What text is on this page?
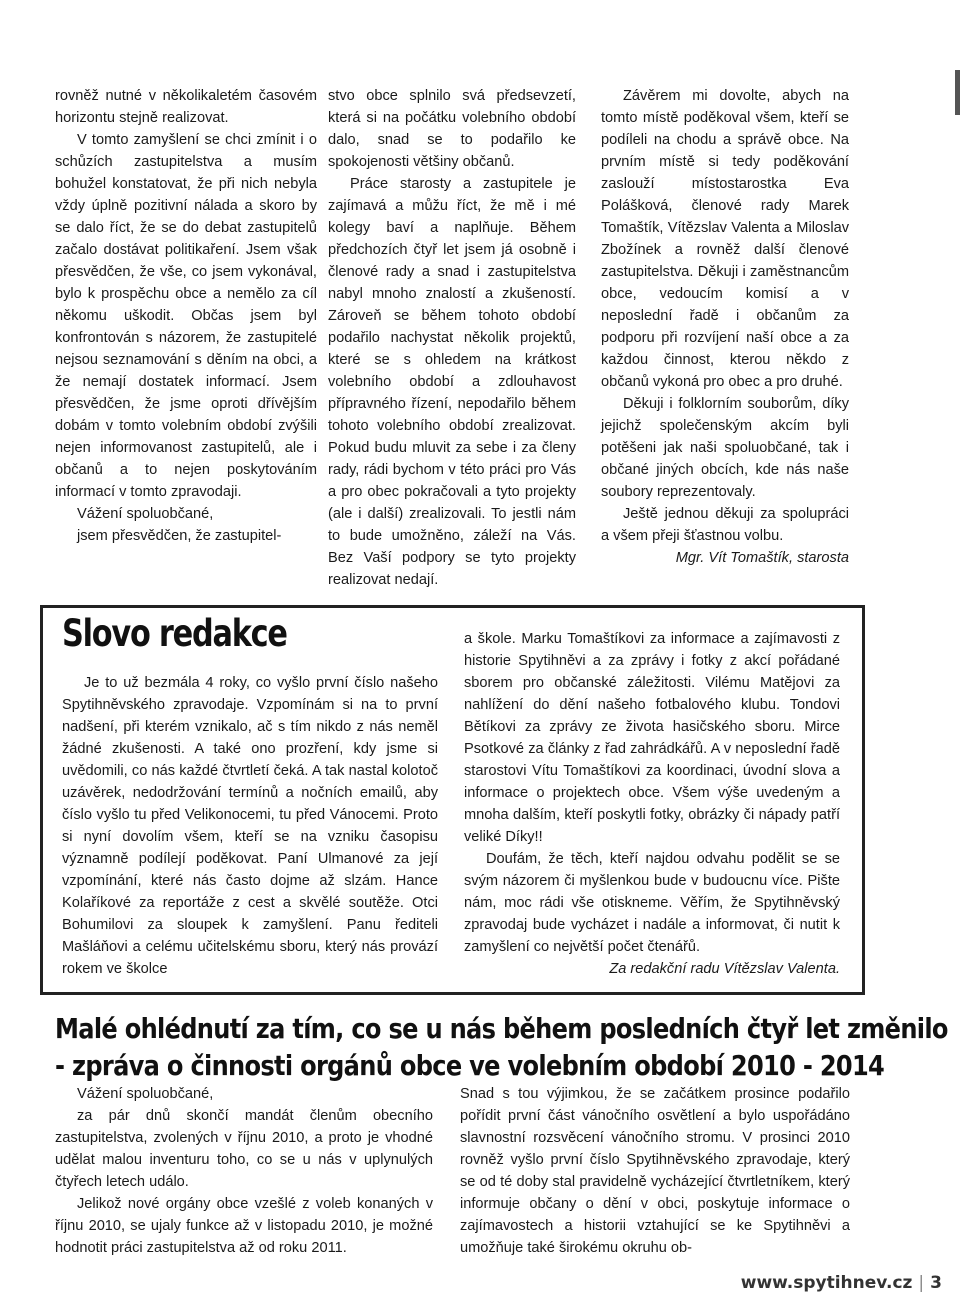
rovněž nutné v několikaletém časovém horizontu stejně realizovat.

V tomto zamyšlení se chci zmínit i o schůzích zastupitelstva a musím bohužel konstatovat, že při nich nebyla vždy úplně pozitivní nálada a skoro by se dalo říct, že se do debat zastupitelů začalo dostávat politikaření. Jsem však přesvědčen, že vše, co jsem vykonával, bylo k prospěchu obce a nemělo za cíl někomu uškodit. Občas jsem byl konfrontován s názorem, že zastupitelé nejsou seznamování s děním na obci, a že nemají dostatek informací. Jsem přesvědčen, že jsme oproti dřívějším dobám v tomto volebním období zvýšili nejen informovanost zastupitelů, ale i občanů a to nejen poskytováním informací v tomto zpravodaji.

Vážení spoluobčané,

jsem přesvědčen, že zastupitel-

stvo obce splnilo svá předsevzetí, která si na počátku volebního období dalo, snad se to podařilo ke spokojenosti většiny občanů.

Práce starosty a zastupitele je zajímavá a můžu říct, že mě i mé kolegy baví a naplňuje. Během předchozích čtyř let jsem já osobně i členové rady a snad i zastupitelstva nabyl mnoho znalostí a zkušeností. Zároveň se během tohoto období podařilo nachystat několik projektů, které se s ohledem na krátkost volebního období a zdlouhavost přípravného řízení, nepodařilo během tohoto volebního období zrealizovat. Pokud budu mluvit za sebe i za členy rady, rádi bychom v této práci pro Vás a pro obec pokračovali a tyto projekty (ale i další) zrealizovali. To jestli nám to bude umožněno, záleží na Vás. Bez Vaší podpory se tyto projekty realizovat nedají.

Závěrem mi dovolte, abych na tomto místě poděkoval všem, kteří se podíleli na chodu a správě obce. Na prvním místě si tedy poděkování zaslouží místostarostka Eva Polášková, členové rady Marek Tomaštík, Vítězslav Valenta a Miloslav Zbožínek a rovněž další členové zastupitelstva. Děkuji i zaměstnancům obce, vedoucím komisí a v neposlední řadě i občanům za podporu při rozvíjení naší obce a za každou činnost, kterou někdo z občanů vykoná pro obec a pro druhé.

Děkuji i folklorním souborům, díky jejichž společenským akcím byli potěšeni jak naši spoluobčané, tak i občané jiných obcích, kde nás naše soubory reprezentovaly.

Ještě jednou děkuji za spolupráci a všem přeji šťastnou volbu.

Mgr. Vít Tomaštík, starosta

Slovo redakce

Je to už bezmála 4 roky, co vyšlo první číslo našeho Spytihněvského zpravodaje. Vzpomínám si na to první nadšení, při kterém vznikalo, ač s tím nikdo z nás neměl žádné zkušenosti. A také ono prozření, kdy jsme si uvědomili, co nás každé čtvrtletí čeká. A tak nastal kolotoč uzávěrek, nedodržování termínů a nočních emailů, aby číslo vyšlo tu před Velikonocemi, tu před Vánocemi. Proto si nyní dovolím všem, kteří se na vzniku časopisu významně podílejí poděkovat. Paní Ulmanové za její vzpomínání, které nás často dojme až slzám. Hance Kolaříkové za reportáže z cest a skvělé soutěže. Otci Bohumilovi za sloupek k zamyšlení. Panu řediteli Mašláňovi a celému učitelskému sboru, který nás provází rokem ve školce

a škole. Marku Tomaštíkovi za informace a zajímavosti z historie Spytihněvi a za zprávy i fotky z akcí pořádané sborem pro občanské záležitosti. Vilému Matějovi za nahlížení do dění našeho fotbalového klubu. Tondovi Bětíkovi za zprávy ze života hasičského sboru. Mirce Psotkové za články z řad zahrádkářů. A v neposlední řadě starostovi Vítu Tomaštíkovi za koordinaci, úvodní slova a informace o projektech obce. Všem výše uvedeným a mnoha dalším, kteří poskytli fotky, obrázky či nápady patří veliké Díky!!

Doufám, že těch, kteří najdou odvahu podělit se se svým názorem či myšlenkou bude v budoucnu více. Pište nám, moc rádi vše otiskneme. Věřím, že Spytihněvský zpravodaj bude vycházet i nadále a informovat, či nutit k zamyšlení co největší počet čtenářů.

Za redakční radu Vítězslav Valenta.

Malé ohlédnutí za tím, co se u nás během posledních čtyř let změnilo
- zpráva o činnosti orgánů obce ve volebním období 2010 - 2014

Vážení spoluobčané,

za pár dnů skončí mandát členům obecního zastupitelstva, zvolených v říjnu 2010, a proto je vhodné udělat malou inventuru toho, co se u nás v uplynulých čtyřech letech událo.

Jelikož nové orgány obce vzešlé z voleb konaných v říjnu 2010, se ujaly funkce až v listopadu 2010, je možné hodnotit práci zastupitelstva až od roku 2011.

Snad s tou výjimkou, že se začátkem prosince podařilo pořídit první část vánočního osvětlení a bylo uspořádáno slavnostní rozsvěcení vánočního stromu. V prosinci 2010 rovněž vyšlo první číslo Spytihněvského zpravodaje, který se od té doby stal pravidelně vycházející čtvrtletníkem, který informuje občany o dění v obci, poskytuje informace o zajímavostech a historii vztahující se ke Spytihněvi a umožňuje také širokému okruhu ob-

www.spytihnev.cz | 3
